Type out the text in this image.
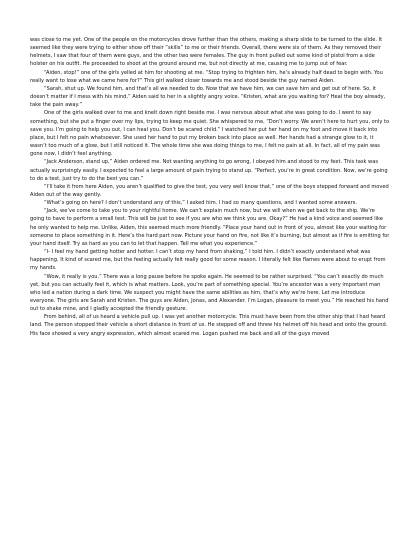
was close to me yet. One of the people on the motorcycles drove further than the others, making a sharp slide to be turned to the slide. It seemed like they were trying to either show off their “skills” to me or their friends. Overall, there were six of them. As they removed their helmets, I saw that four of them were guys, and the other two were females. The guy in front pulled out some kind of pistol from a side holster on his outfit. He proceeded to shoot at the ground around me, but not directly at me, causing me to jump out of fear.

“Aiden, stop!” one of the girls yelled at him for shooting at me. “Stop trying to frighten him, he’s already half dead to begin with. You really want to lose what we came here for?” This girl walked closer towards me and stood beside the guy named Aiden.

“Sarah, shut up. We found him, and that’s all we needed to do. Now that we have him, we can save him and get out of here. So, it doesn’t matter if I mess with his mind,” Aiden said to her in a slightly angry voice. “Kristen, what are you waiting for? Heal the boy already, take the pain away.”

One of the girls walked over to me and knelt down right beside me. I was nervous about what she was going to do. I went to say something, but she put a finger over my lips, trying to keep me quiet. She whispered to me, “Don’t worry. We aren’t here to hurt you, only to save you. I’m going to help you out, I can heal you. Don’t be scared child.” I watched her put her hand on my foot and move it back into place, but I felt no pain whatsoever. She used her hand to put my broken back into place as well. Her hands had a strange glow to it, it wasn’t too much of a glow, but I still noticed it. The whole time she was doing things to me, I felt no pain at all. In fact, all of my pain was gone now, I didn’t feel anything.

“Jack Anderson, stand up,” Aiden ordered me. Not wanting anything to go wrong, I obeyed him and stood to my feet. This task was actually surprisingly easily. I expected to feel a large amount of pain trying to stand up. “Perfect, you’re in great condition. Now, we’re going to do a test, just try to do the best you can.”

“I’ll take it from here Aiden, you aren’t qualified to give the test, you very well know that,” one of the boys stepped forward and moved Aiden out of the way gently.

“What’s going on here? I don’t understand any of this,” I asked him. I had so many questions, and I wanted some answers.

“Jack, we’ve come to take you to your rightful home. We can’t explain much now, but we will when we get back to the ship. We’re going to have to perform a small test. This will be just to see if you are who we think you are. Okay?” He had a kind voice and seemed like he only wanted to help me. Unlike, Aiden, this seemed much more friendly. “Place your hand out in front of you, almost like your waiting for someone to place something in it. Here’s the hard part now. Picture your hand on fire, not like it’s burning, but almost as if fire is emitting for your hand itself. Try as hard as you can to let that happen. Tell me what you experience.”

“I- I feel my hand getting hotter and hotter. I can’t stop my hand from shaking,” I told him. I didn’t exactly understand what was happening. It kind of scared me, but the feeling actually felt really good for some reason. I literally felt like flames were about to erupt from my hands.

“Wow, it really is you.” There was a long pause before he spoke again. He seemed to be rather surprised. “You can’t exactly do much yet, but you can actually feel it, which is what matters. Look, you’re part of something special. You’re ancestor was a very important man who led a nation during a dark time. We suspect you might have the same abilities as him, that’s why we’re here. Let me introduce everyone. The girls are Sarah and Kristen. The guys are Aiden, Jonas, and Alexander. I’m Logan, pleasure to meet you.” He reached his hand out to shake mine, and I gladly accepted the friendly gesture.

From behind, all of us heard a vehicle pull up. I was yet another motorcycle. This must have been from the other ship that I had heard land. The person stopped their vehicle a short distance in front of us. He stepped off and threw his helmet off his head and onto the ground. His face showed a very angry expression, which almost scared me. Logan pushed me back and all of the guys moved
